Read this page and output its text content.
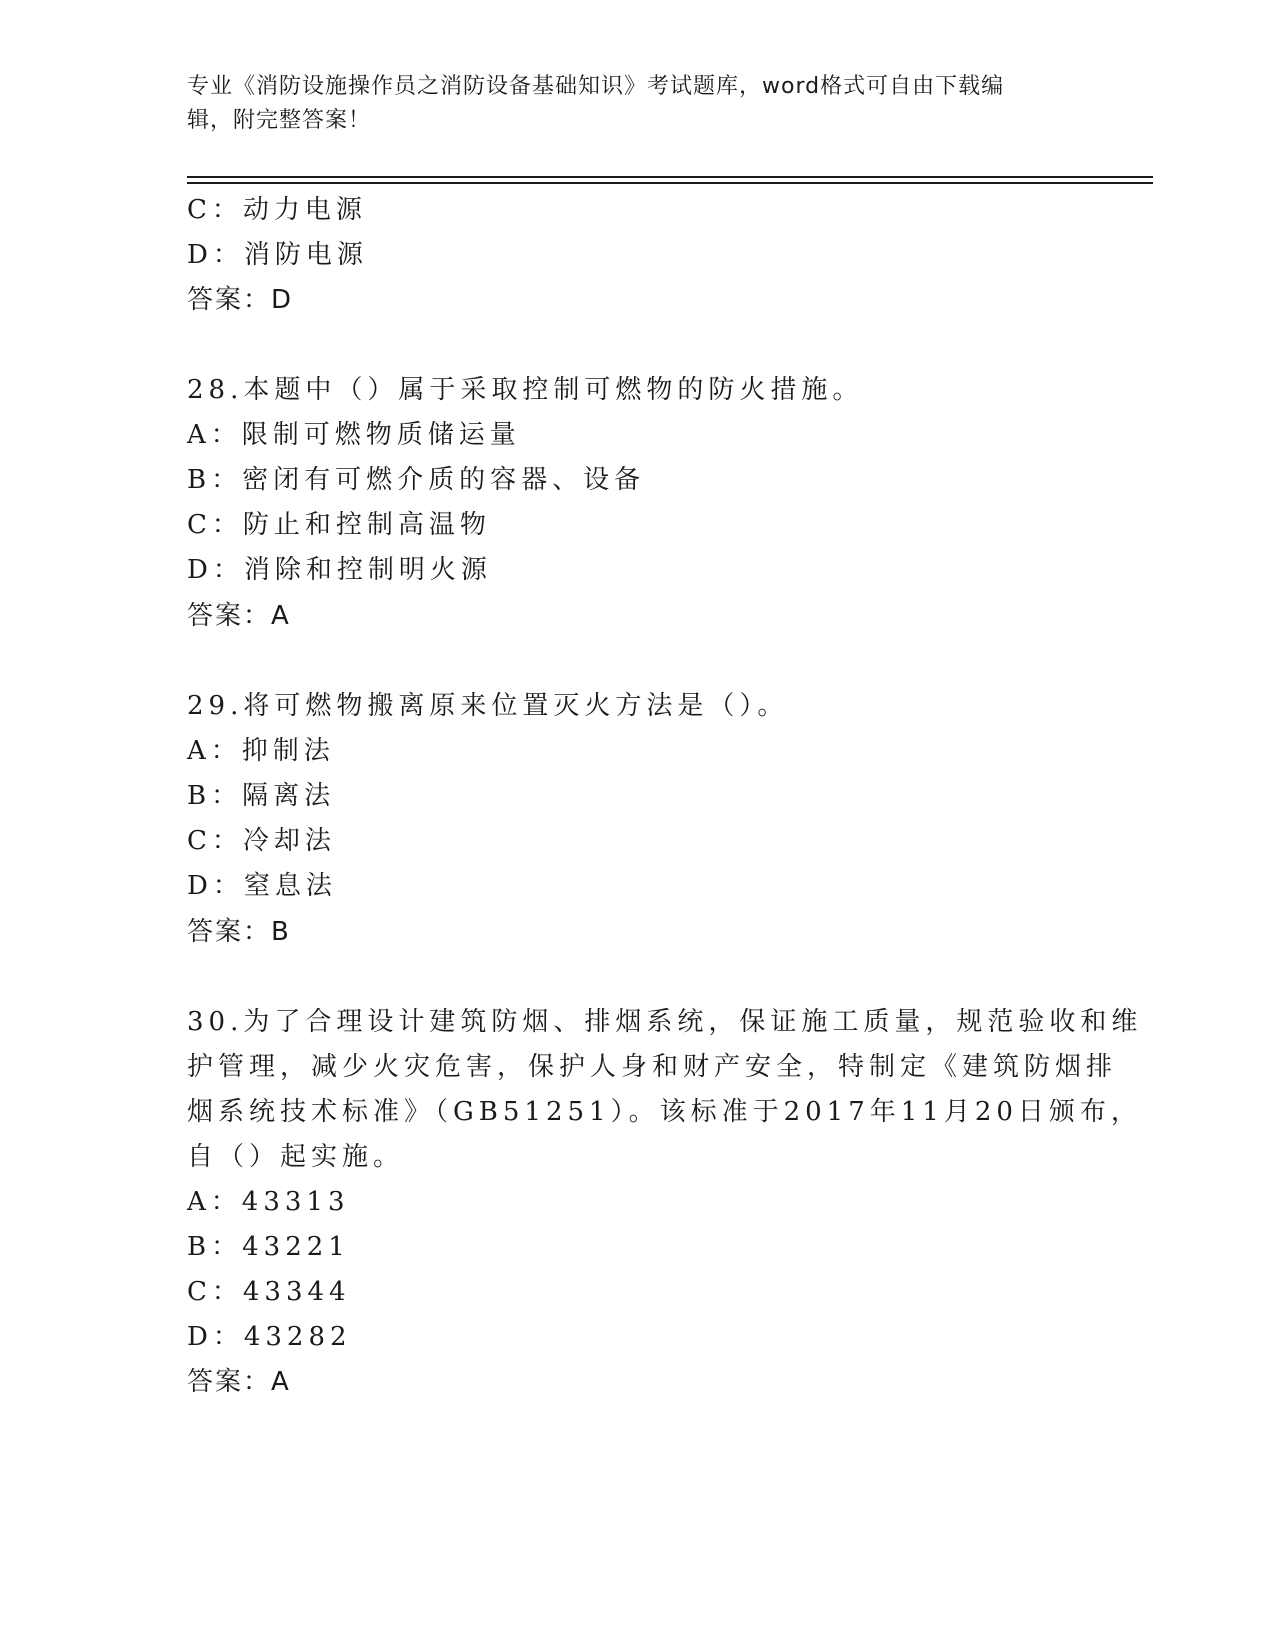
专业《消防设施操作员之消防设备基础知识》考试题库，word格式可自由下载编
辑，附完整答案！
C：动力电源
D：消防电源
答案：D
28.本题中（）属于采取控制可燃物的防火措施。
A：限制可燃物质储运量
B：密闭有可燃介质的容器、设备
C：防止和控制高温物
D：消除和控制明火源
答案：A
29.将可燃物搬离原来位置灭火方法是（）。
A：抑制法
B：隔离法
C：冷却法
D：窒息法
答案：B
30.为了合理设计建筑防烟、排烟系统，保证施工质量，规范验收和维
护管理，减少火灾危害，保护人身和财产安全，特制定《建筑防烟排
烟系统技术标准》（GB51251）。该标准于2017年11月20日颁布，
自（）起实施。
A：43313
B：43221
C：43344
D：43282
答案：A
